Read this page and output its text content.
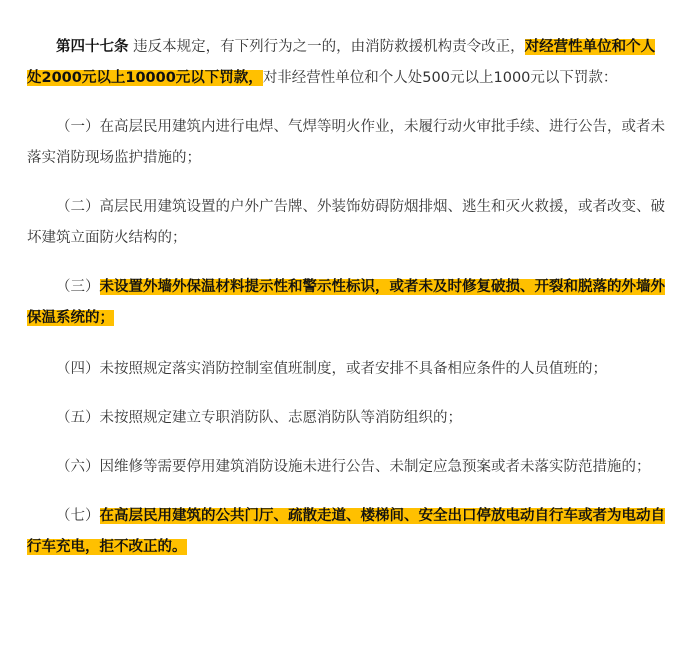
第四十七条 违反本规定，有下列行为之一的，由消防救援机构责令改正，对经营性单位和个人处2000元以上10000元以下罚款，对非经营性单位和个人处500元以上1000元以下罚款：

（一）在高层民用建筑内进行电焊、气焊等明火作业，未履行动火审批手续、进行公告，或者未落实消防现场监护措施的；

（二）高层民用建筑设置的户外广告牌、外装饰妨碍防烟排烟、逃生和灭火救援，或者改变、破坏建筑立面防火结构的；

（三）未设置外墙外保温材料提示性和警示性标识，或者未及时修复破损、开裂和脱落的外墙外保温系统的；

（四）未按照规定落实消防控制室值班制度，或者安排不具备相应条件的人员值班的；

（五）未按照规定建立专职消防队、志愿消防队等消防组织的；

（六）因维修等需要停用建筑消防设施未进行公告、未制定应急预案或者未落实防范措施的；

（七）在高层民用建筑的公共门厅、疏散走道、楼梯间、安全出口停放电动自行车或者为电动自行车充电，拒不改正的。
